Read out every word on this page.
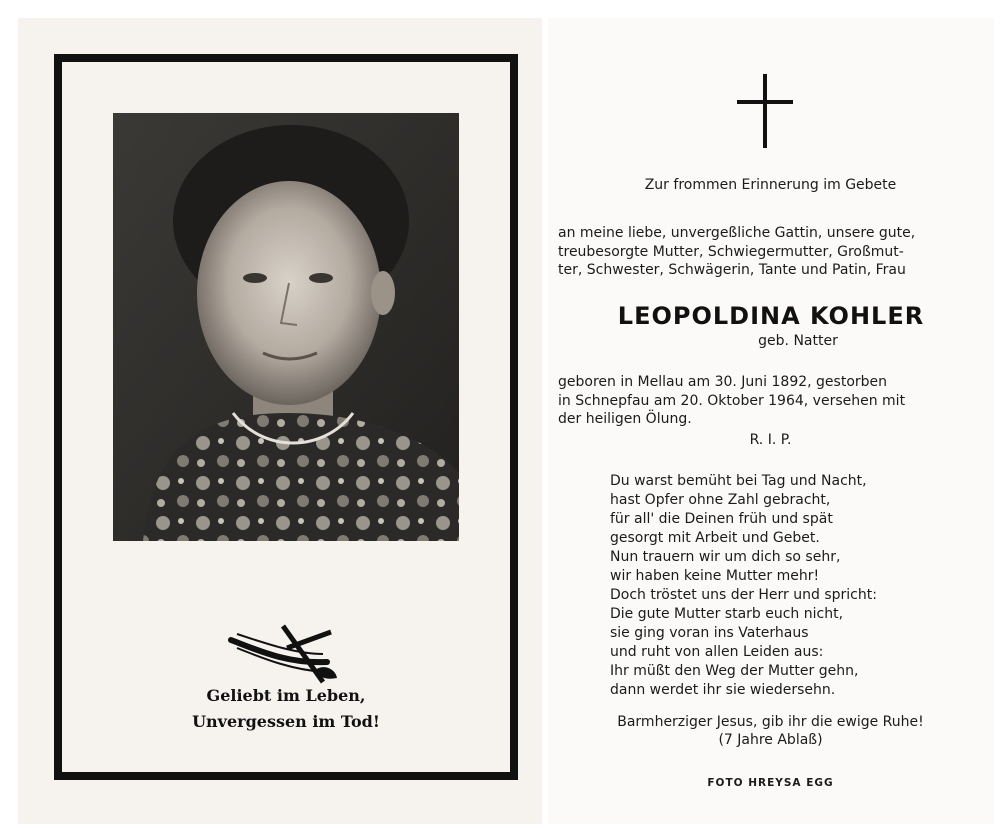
Geliebt im Leben,
Unvergessen im Tod!
Zur frommen Erinnerung im Gebete
an meine liebe, unvergeßliche Gattin, unsere gute,
treubesorgte Mutter, Schwiegermutter, Großmut-
ter, Schwester, Schwägerin, Tante und Patin, Frau
LEOPOLDINA KOHLER
geb. Natter
geboren in Mellau am 30. Juni 1892, gestorben
in Schnepfau am 20. Oktober 1964, versehen mit
der heiligen Ölung.
R. I. P.
Du warst bemüht bei Tag und Nacht,
hast Opfer ohne Zahl gebracht,
für all' die Deinen früh und spät
gesorgt mit Arbeit und Gebet.
Nun trauern wir um dich so sehr,
wir haben keine Mutter mehr!
Doch tröstet uns der Herr und spricht:
Die gute Mutter starb euch nicht,
sie ging voran ins Vaterhaus
und ruht von allen Leiden aus:
Ihr müßt den Weg der Mutter gehn,
dann werdet ihr sie wiedersehn.
Barmherziger Jesus, gib ihr die ewige Ruhe!
(7 Jahre Ablaß)
FOTO HREYSA EGG
